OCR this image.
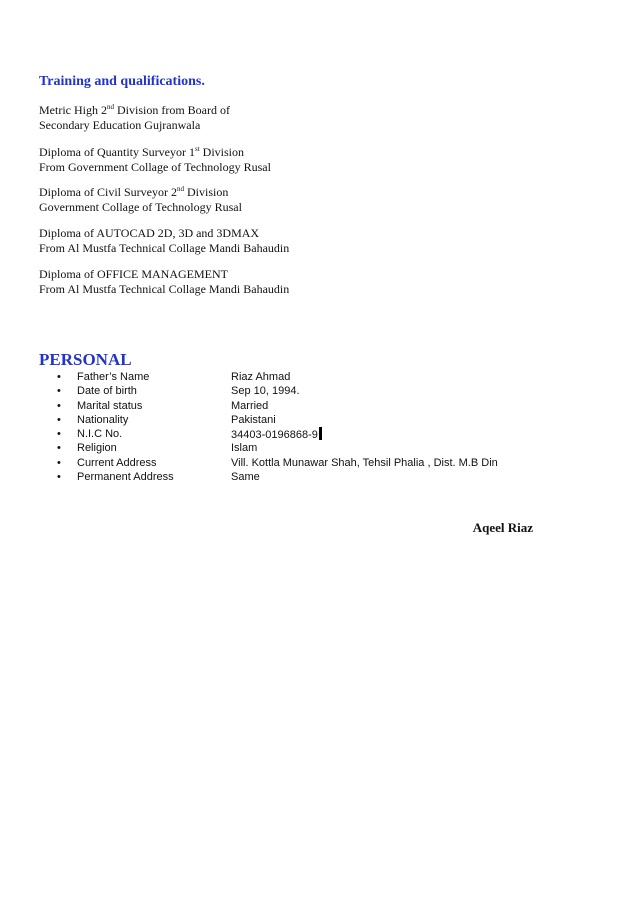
Training and qualifications.
Metric High 2nd Division from Board of
Secondary Education Gujranwala
Diploma of Quantity Surveyor 1st Division
From Government Collage of Technology Rusal
Diploma of Civil Surveyor 2nd Division
Government Collage of Technology Rusal
Diploma of AUTOCAD 2D, 3D and 3DMAX
From Al Mustfa Technical Collage Mandi Bahaudin
Diploma of OFFICE MANAGEMENT
From Al Mustfa Technical Collage Mandi Bahaudin
PERSONAL
• Father’s Name	Riaz Ahmad
• Date of birth	Sep 10, 1994.
• Marital status	Married
• Nationality	Pakistani
• N.I.C No.	34403-0196868-9
• Religion	Islam
• Current Address	Vill. Kottla Munawar Shah, Tehsil Phalia , Dist. M.B Din
• Permanent Address	Same

Aqeel Riaz
